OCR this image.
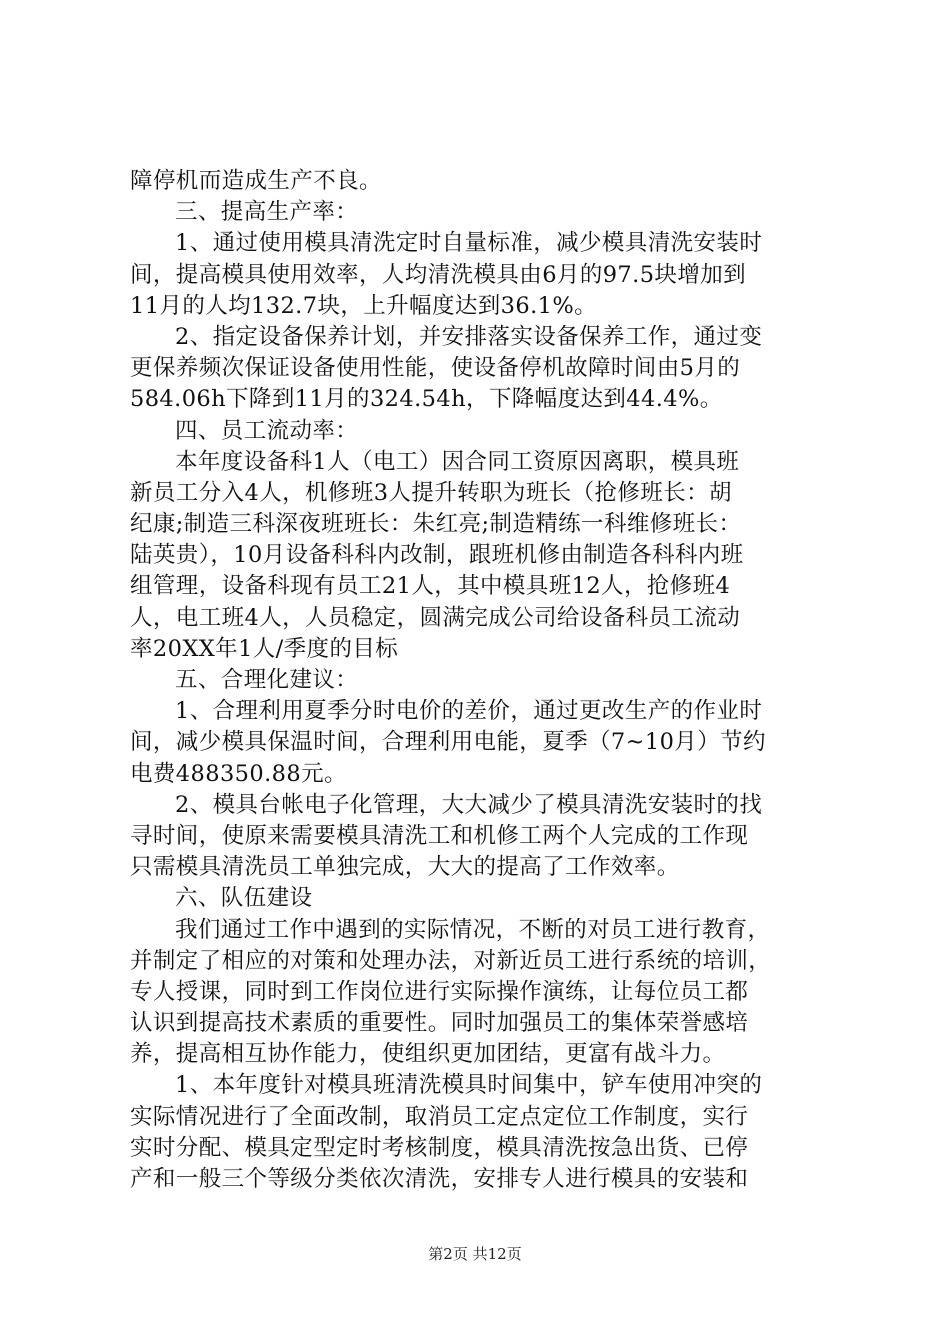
障停机而造成生产不良。
三、提高生产率：
1、通过使用模具清洗定时自量标准，减少模具清洗安装时
间，提高模具使用效率，人均清洗模具由6月的97.5块增加到
11月的人均132.7块，上升幅度达到36.1%。
2、指定设备保养计划，并安排落实设备保养工作，通过变
更保养频次保证设备使用性能，使设备停机故障时间由5月的
584.06h下降到11月的324.54h，下降幅度达到44.4%。
四、员工流动率：
本年度设备科1人（电工）因合同工资原因离职，模具班
新员工分入4人，机修班3人提升转职为班长（抢修班长：胡
纪康;制造三科深夜班班长：朱红亮;制造精练一科维修班长：
陆英贵），10月设备科科内改制，跟班机修由制造各科科内班
组管理，设备科现有员工21人，其中模具班12人，抢修班4
人，电工班4人，人员稳定，圆满完成公司给设备科员工流动
率20XX年1人/季度的目标
五、合理化建议：
1、合理利用夏季分时电价的差价，通过更改生产的作业时
间，减少模具保温时间，合理利用电能，夏季（7~10月）节约
电费488350.88元。
2、模具台帐电子化管理，大大减少了模具清洗安装时的找
寻时间，使原来需要模具清洗工和机修工两个人完成的工作现
只需模具清洗员工单独完成，大大的提高了工作效率。
六、队伍建设
我们通过工作中遇到的实际情况，不断的对员工进行教育，
并制定了相应的对策和处理办法，对新近员工进行系统的培训，
专人授课，同时到工作岗位进行实际操作演练，让每位员工都
认识到提高技术素质的重要性。同时加强员工的集体荣誉感培
养，提高相互协作能力，使组织更加团结，更富有战斗力。
1、本年度针对模具班清洗模具时间集中，铲车使用冲突的
实际情况进行了全面改制，取消员工定点定位工作制度，实行
实时分配、模具定型定时考核制度，模具清洗按急出货、已停
产和一般三个等级分类依次清洗，安排专人进行模具的安装和
第2页 共12页
